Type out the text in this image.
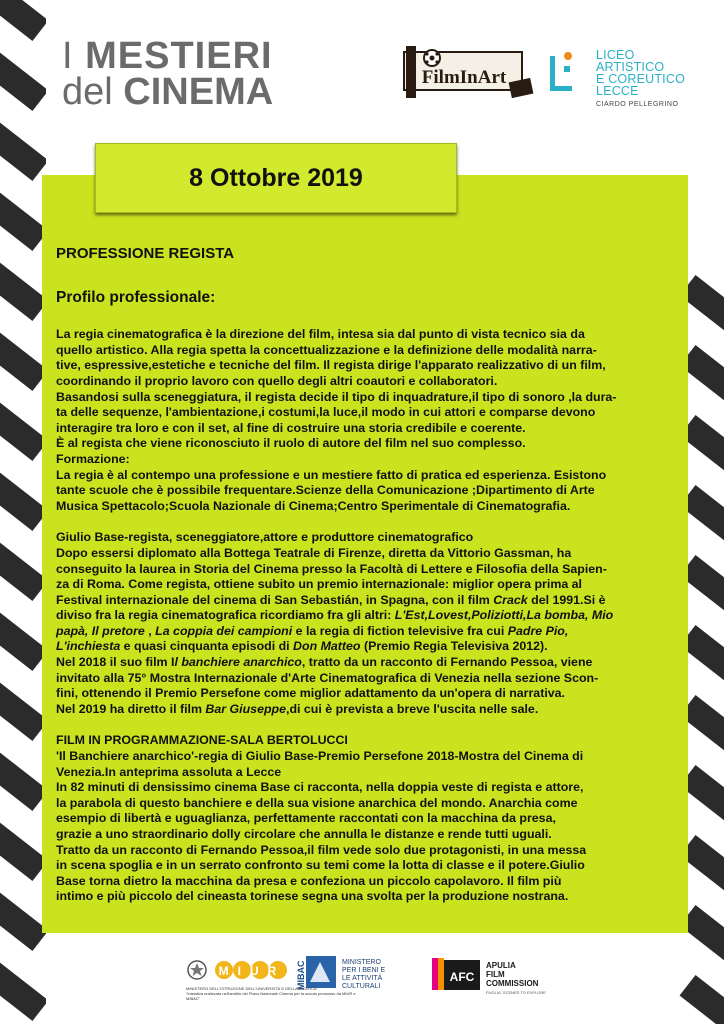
I MESTIERI
del CINEMA	FilmInArt
LICEO ARTISTICO
E COREUTICO
LECCE
CIARDO PELLEGRINO
8 Ottobre 2019
PROFESSIONE REGISTA
Profilo professionale:
La regia cinematografica è la direzione del film, intesa sia dal punto di vista tecnico sia da
quello artistico. Alla regia spetta la concettualizzazione e la definizione delle modalità narra-
tive, espressive,estetiche e tecniche del film. Il regista dirige l'apparato realizzativo di un film,
coordinando il proprio lavoro con quello degli altri coautori e collaboratori.
Basandosi sulla sceneggiatura, il regista decide il tipo di inquadrature,il tipo di sonoro ,la dura-
ta delle sequenze, l'ambientazione,i costumi,la luce,il modo in cui attori e comparse devono
interagire tra loro e con il set, al fine di costruire una storia credibile e coerente.
È al regista che viene riconosciuto il ruolo di autore del film nel suo complesso.
Formazione:
La regia è al contempo una professione e un mestiere fatto di pratica ed esperienza. Esistono
tante scuole che è possibile frequentare.Scienze della Comunicazione ;Dipartimento di Arte
Musica Spettacolo;Scuola Nazionale di Cinema;Centro Sperimentale di Cinematografia.
Giulio Base-regista, sceneggiatore,attore e produttore cinematografico
Dopo essersi diplomato alla Bottega Teatrale di Firenze, diretta da Vittorio Gassman, ha
conseguito la laurea in Storia del Cinema presso la Facoltà di Lettere e Filosofia della Sapien-
za di Roma. Come regista, ottiene subito un premio internazionale: miglior opera prima al
Festival internazionale del cinema di San Sebastián, in Spagna, con il film Crack del 1991.Si è
diviso fra la regia cinematografica ricordiamo fra gli altri: L'Est,Lovest,Poliziotti,La bomba, Mio
papà, Il pretore , La coppia dei campioni e la regia di fiction televisive fra cui Padre Pio,
L'inchiesta e quasi cinquanta episodi di Don Matteo (Premio Regia Televisiva 2012).
Nel 2018 il suo film Il banchiere anarchico, tratto da un racconto di Fernando Pessoa, viene
invitato alla 75° Mostra Internazionale d'Arte Cinematografica di Venezia nella sezione Scon-
fini, ottenendo il Premio Persefone come miglior adattamento da un'opera di narrativa.
Nel 2019 ha diretto il film Bar Giuseppe,di cui è prevista a breve l'uscita nelle sale.
FILM IN PROGRAMMAZIONE-SALA BERTOLUCCI
'Il Banchiere anarchico'-regia di Giulio Base-Premio Persefone 2018-Mostra del Cinema di
Venezia.In anteprima assoluta a Lecce
In 82 minuti di densissimo cinema Base ci racconta, nella doppia veste di regista e attore,
la parabola di questo banchiere e della sua visione anarchica del mondo. Anarchia come
esempio di libertà e uguaglianza, perfettamente raccontati con la macchina da presa,
grazie a uno straordinario dolly circolare che annulla le distanze e rende tutti uguali.
Tratto da un racconto di Fernando Pessoa,il film vede solo due protagonisti, in una messa
in scena spoglia e in un serrato confronto su temi come la lotta di classe e il potere.Giulio
Base torna dietro la macchina da presa e confeziona un piccolo capolavoro. Il film più
intimo e più piccolo del cineasta torinese segna una svolta per la produzione nostrana.
MIUR MIBAC	MINISTERO
PER I BENI E
LE ATTIVITÀ
CULTURALI
MINISTERO DELL'ISTRUZIONE DELL'UNIVERSITÀ E DELLA RICERCA
"Iniziativa realizzata nell'ambito del Piano Nazionale Cinema per la scuola promosso da MIUR e MIBAC"
AFC
APULIA
FILM
COMMISSION
PUGLIA, SCENES TO EXPLORE
